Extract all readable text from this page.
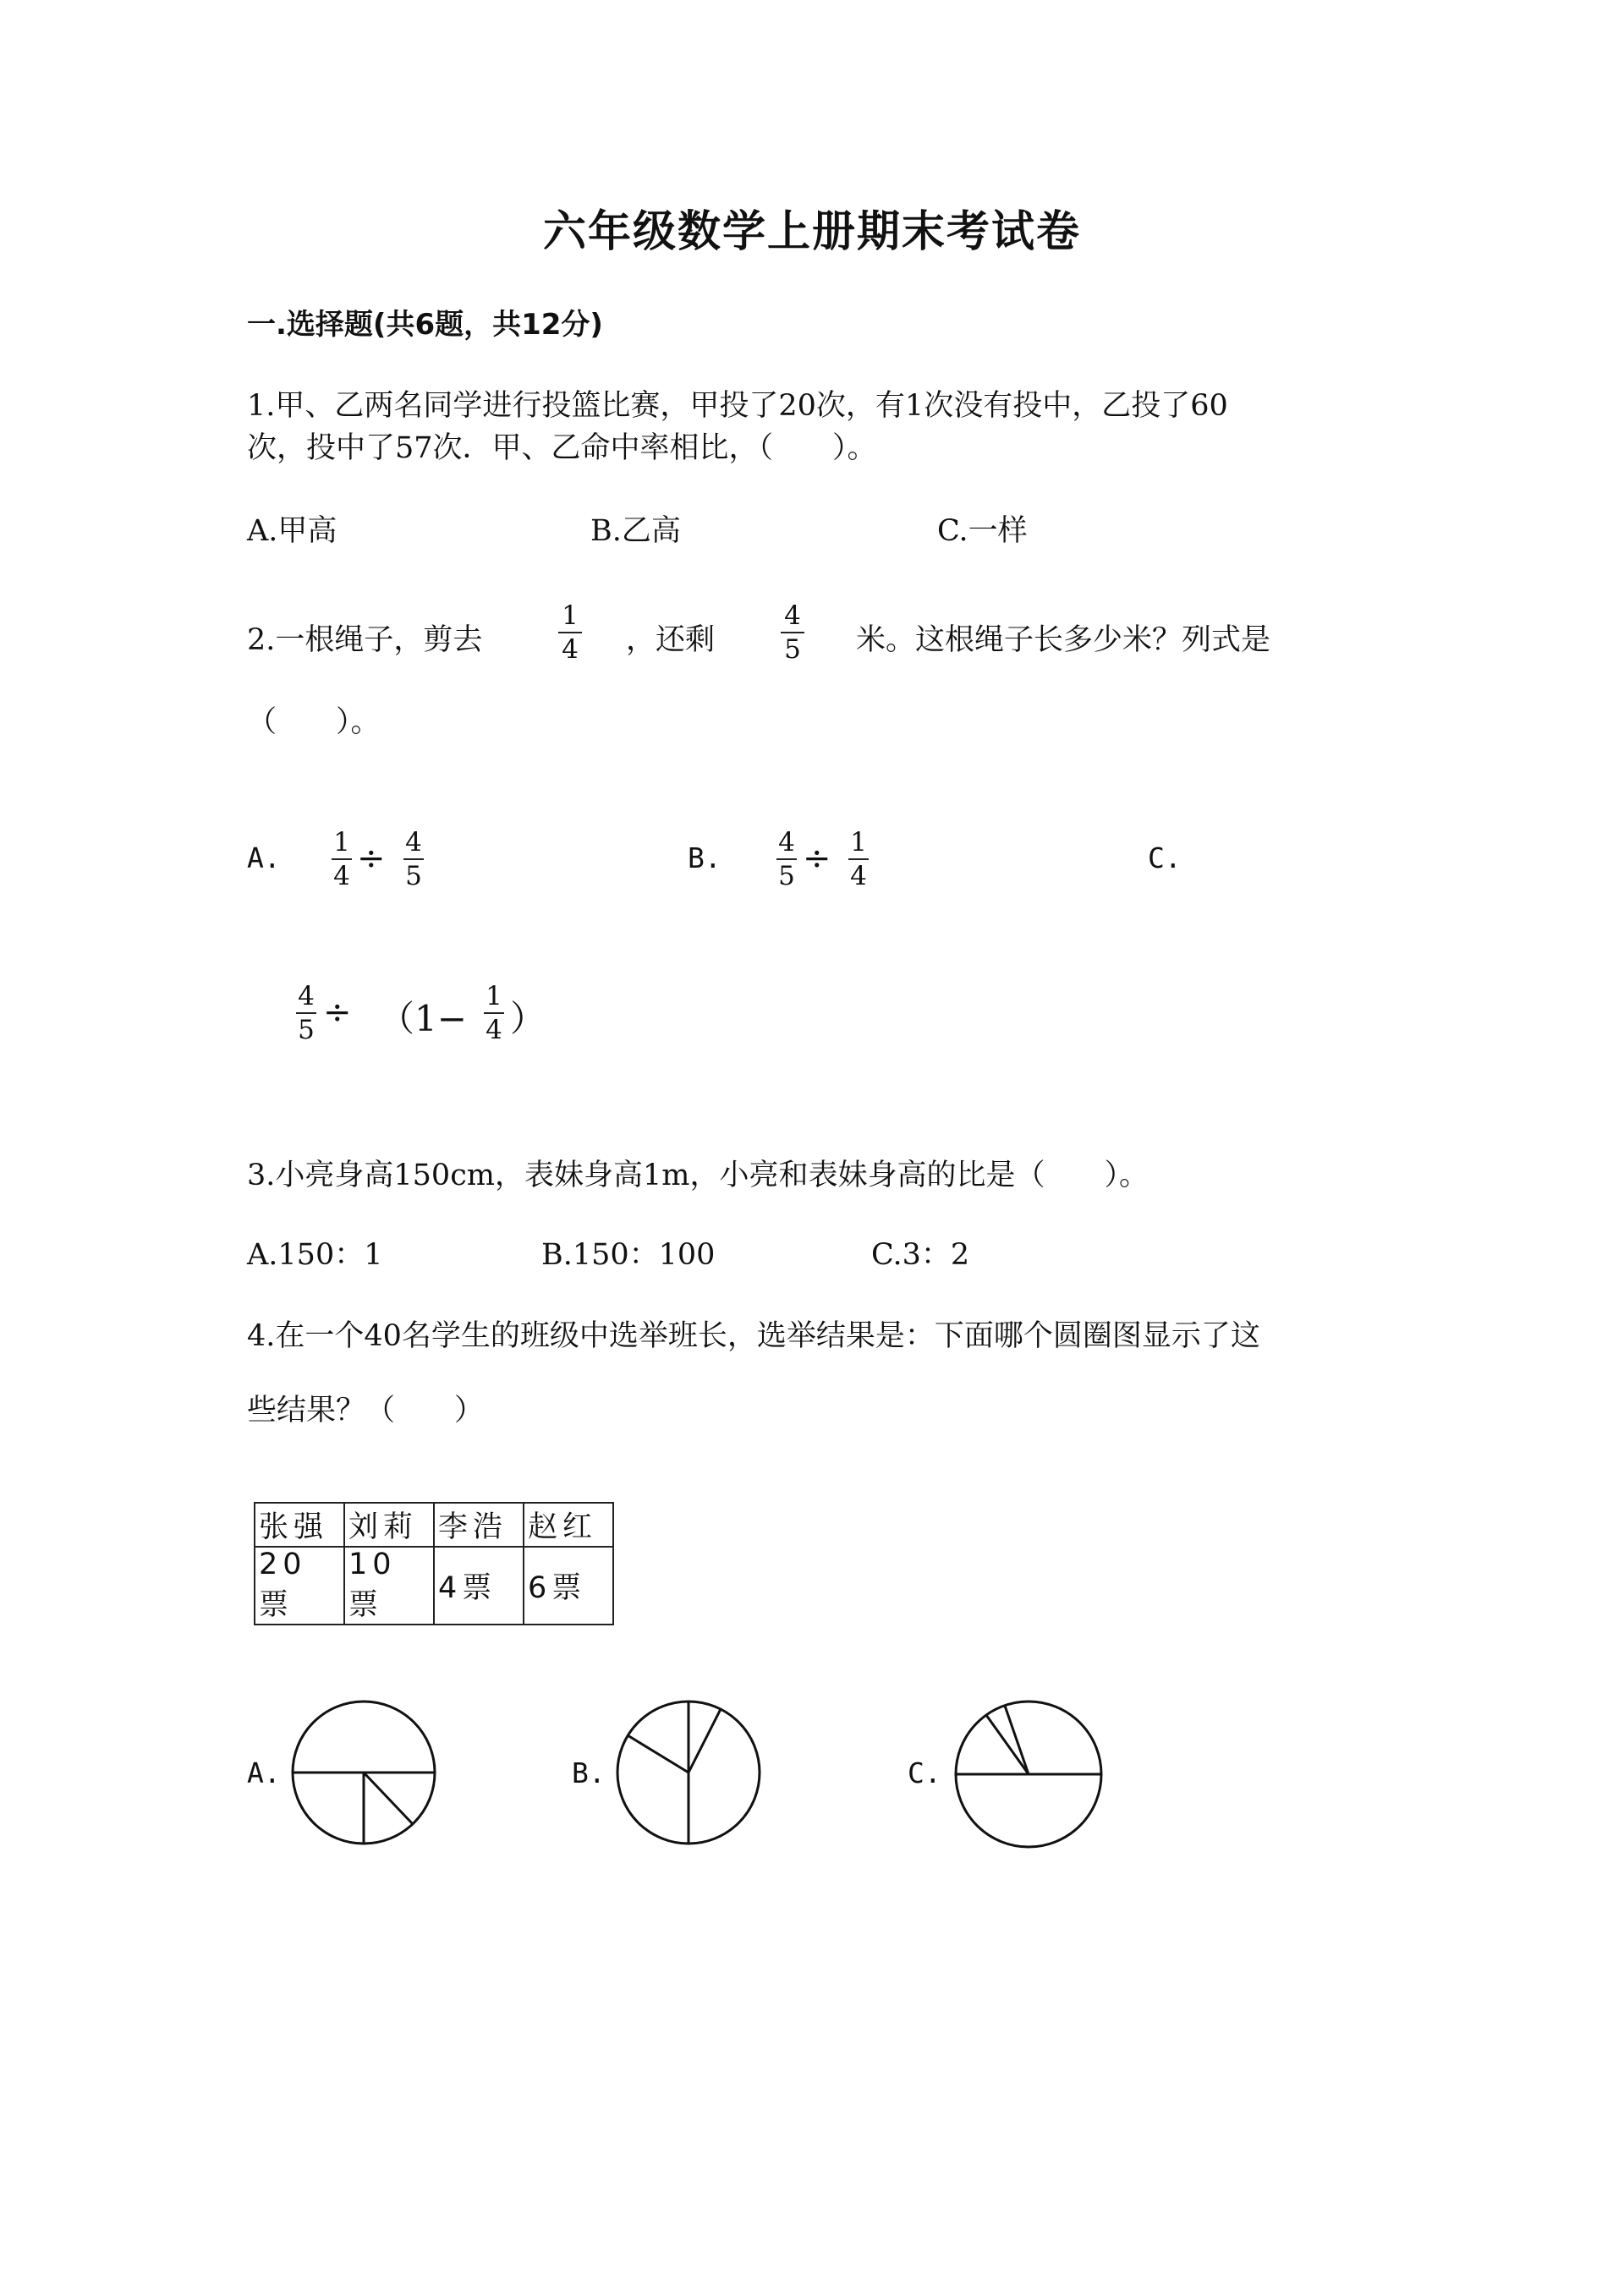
六年级数学上册期末考试卷
一.选择题(共6题，共12分)
1.甲、乙两名同学进行投篮比赛，甲投了20次，有1次没有投中，乙投了60
次，投中了57次．甲、乙命中率相比，（　　）。
A.甲高	B.乙高	C.一样
2.一根绳子，剪去
1
4 ，还剩
4
5 米。这根绳子长多少米？列式是
（　　）。
A. 1
4 ÷ 4
5
B. 4
5 ÷ 1
4
C.
4
5 ÷ （1−
1
4 ）
3.小亮身高150cm，表妹身高1m，小亮和表妹身高的比是（　　）。
A.150：1	B.150：100	C.3：2
4.在一个40名学生的班级中选举班长，选举结果是：下面哪个圆圈图显示了这
些结果？（　　）
张强	刘莉	李浩	赵红
20票	10票	4票	6票
A.	B.	C.
